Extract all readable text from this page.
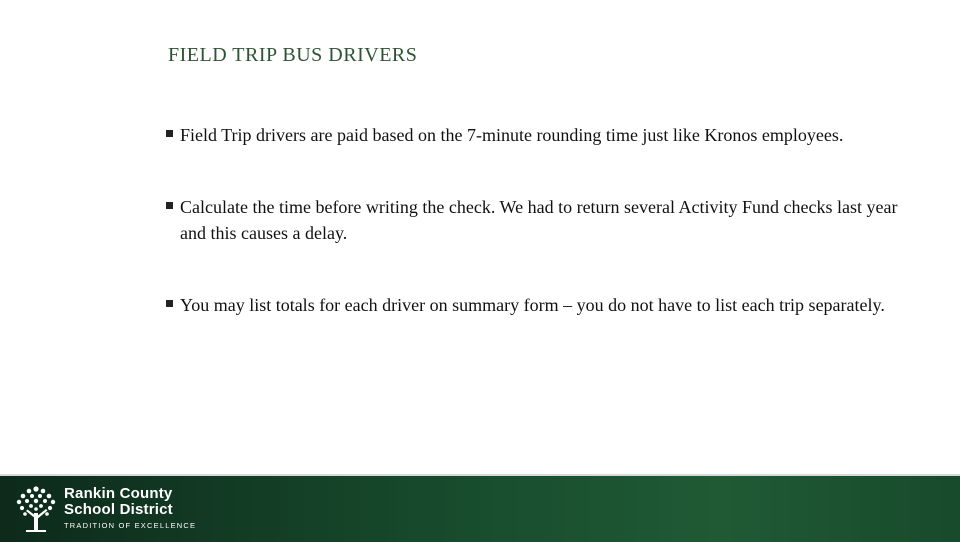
FIELD TRIP BUS DRIVERS
Field Trip drivers are paid based on the 7-minute rounding time just like Kronos employees.
Calculate the time before writing the check. We had to return several Activity Fund checks last year and this causes a delay.
You may list totals for each driver on summary form – you do not have to list each trip separately.
Rankin County
School District
TRADITION OF EXCELLENCE
